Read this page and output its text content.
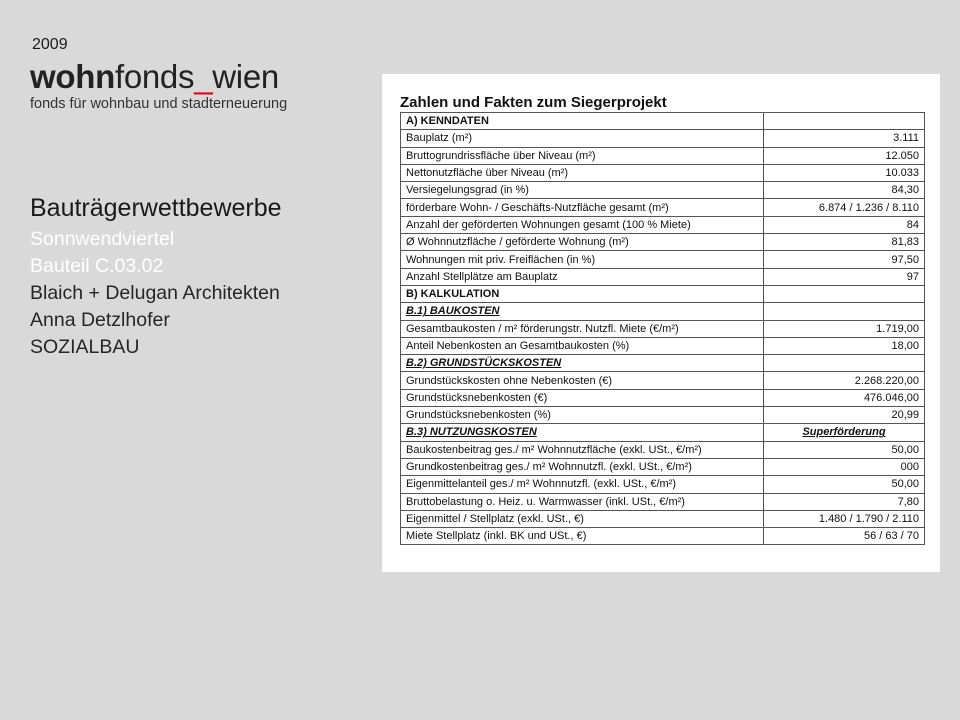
2009
wohnfonds_wien
fonds für wohnbau und stadterneuerung
Bauträgerwettbewerbe
Sonnwendviertel
Bauteil C.03.02
Blaich + Delugan Architekten
Anna Detzlhofer
SOZIALBAU
Zahlen und Fakten zum Siegerprojekt
A) KENNDATEN	
Bauplatz (m²)	3.111
Bruttogrundrissfläche über Niveau (m²)	12.050
Nettonutzfläche über Niveau (m²)	10.033
Versiegelungsgrad (in %)	84,30
förderbare Wohn- / Geschäfts-Nutzfläche gesamt (m²)	6.874 / 1.236 / 8.110
Anzahl der geförderten Wohnungen gesamt (100 % Miete)	84
Ø Wohnnutzfläche / geförderte Wohnung (m²)	81,83
Wohnungen mit priv. Freiflächen (in %)	97,50
Anzahl Stellplätze am Bauplatz	97
B) KALKULATION	
B.1) BAUKOSTEN	
Gesamtbaukosten / m² förderungstr. Nutzfl. Miete (€/m²)	1.719,00
Anteil Nebenkosten an Gesamtbaukosten (%)	18,00
B.2) GRUNDSTÜCKSKOSTEN	
Grundstückskosten ohne Nebenkosten (€)	2.268.220,00
Grundstücksnebenkosten (€)	476.046,00
Grundstücksnebenkosten (%)	20,99
B.3) NUTZUNGSKOSTEN	Superförderung
Baukostenbeitrag ges./ m² Wohnnutzfläche (exkl. USt., €/m²)	50,00
Grundkostenbeitrag ges./ m² Wohnnutzfl. (exkl. USt., €/m²)	000
Eigenmittelanteil ges./ m² Wohnnutzfl. (exkl. USt., €/m²)	50,00
Bruttobelastung o. Heiz. u. Warmwasser (inkl. USt., €/m²)	7,80
Eigenmittel / Stellplatz (exkl. USt., €)	1.480 / 1.790 / 2.110
Miete Stellplatz (inkl. BK und USt., €)	56 / 63 / 70
